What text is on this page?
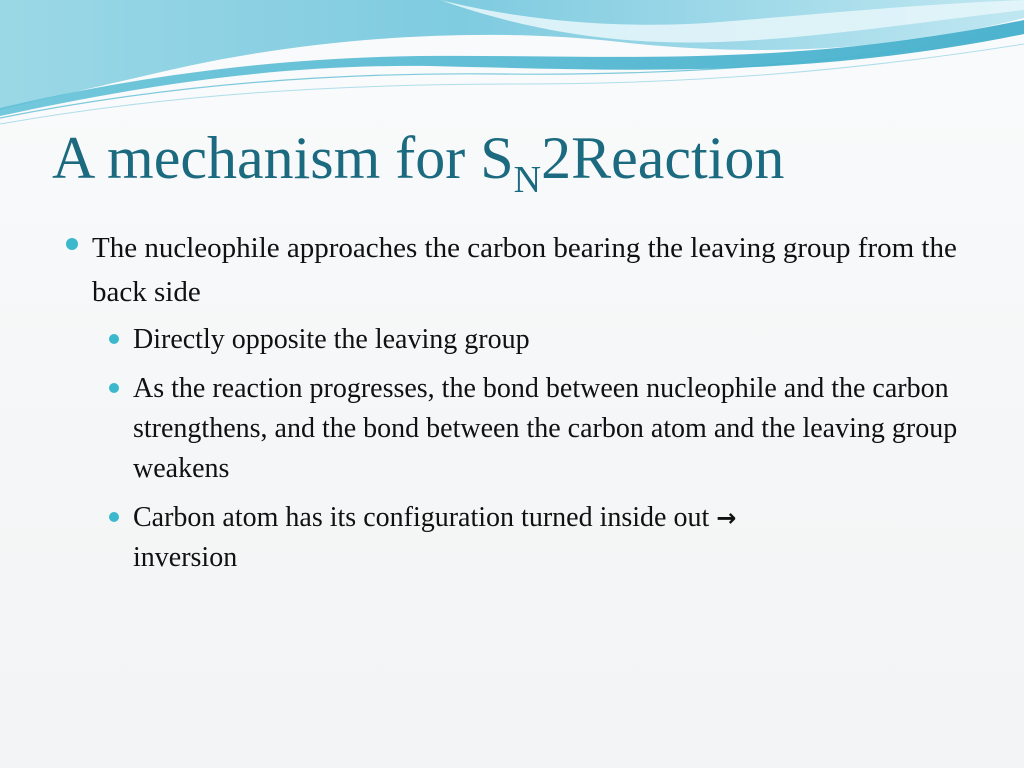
A mechanism for $S_N2Reaction$

The nucleophile approaches the carbon bearing the leaving group from the back side

Directly opposite the leaving group

As the reaction progresses, the bond between nucleophile and the carbon strengthens, and the bond between the carbon atom and the leaving group weakens

Carbon atom has its configuration turned inside out →
inversion
